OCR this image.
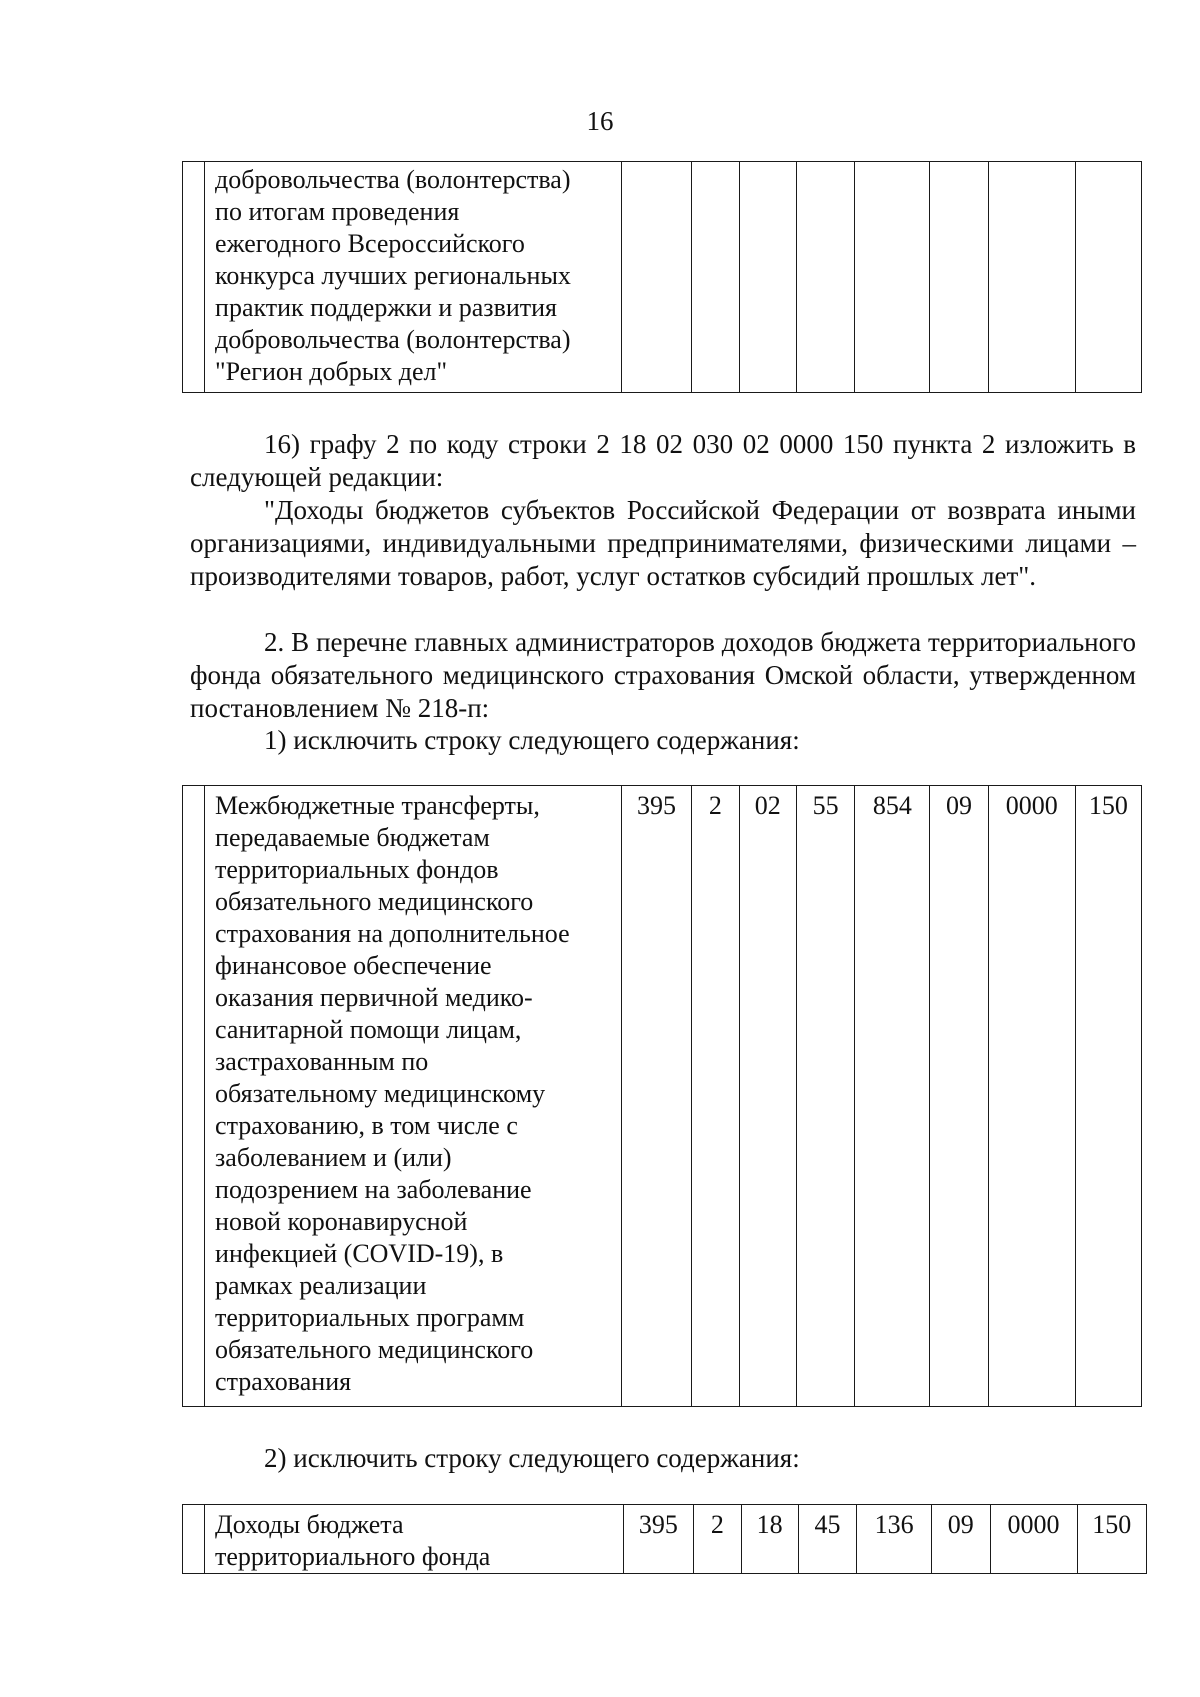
16

добровольчества (волонтерства)
по итогам проведения
ежегодного Всероссийского
конкурса лучших региональных
практик поддержки и развития
добровольчества (волонтерства)
"Регион добрых дел"

16) графу 2 по коду строки 2 18 02 030 02 0000 150 пункта 2 изложить в следующей редакции:

"Доходы бюджетов субъектов Российской Федерации от возврата иными организациями, индивидуальными предпринимателями, физическими лицами – производителями товаров, работ, услуг остатков субсидий прошлых лет".

2. В перечне главных администраторов доходов бюджета территориального фонда обязательного медицинского страхования Омской области, утвержденном постановлением № 218-п:

1) исключить строку следующего содержания:

Межбюджетные трансферты,
передаваемые бюджетам
территориальных фондов
обязательного медицинского
страхования на дополнительное
финансовое обеспечение
оказания первичной медико-
санитарной помощи лицам,
застрахованным по
обязательному медицинскому
страхованию, в том числе с
заболеванием и (или)
подозрением на заболевание
новой коронавирусной
инфекцией (COVID-19), в
рамках реализации
территориальных программ
обязательного медицинского
страхования
	395	2	02	55	854	09	0000	150

2) исключить строку следующего содержания:

Доходы бюджета
территориального фонда
	395	2	18	45	136	09	0000	150
